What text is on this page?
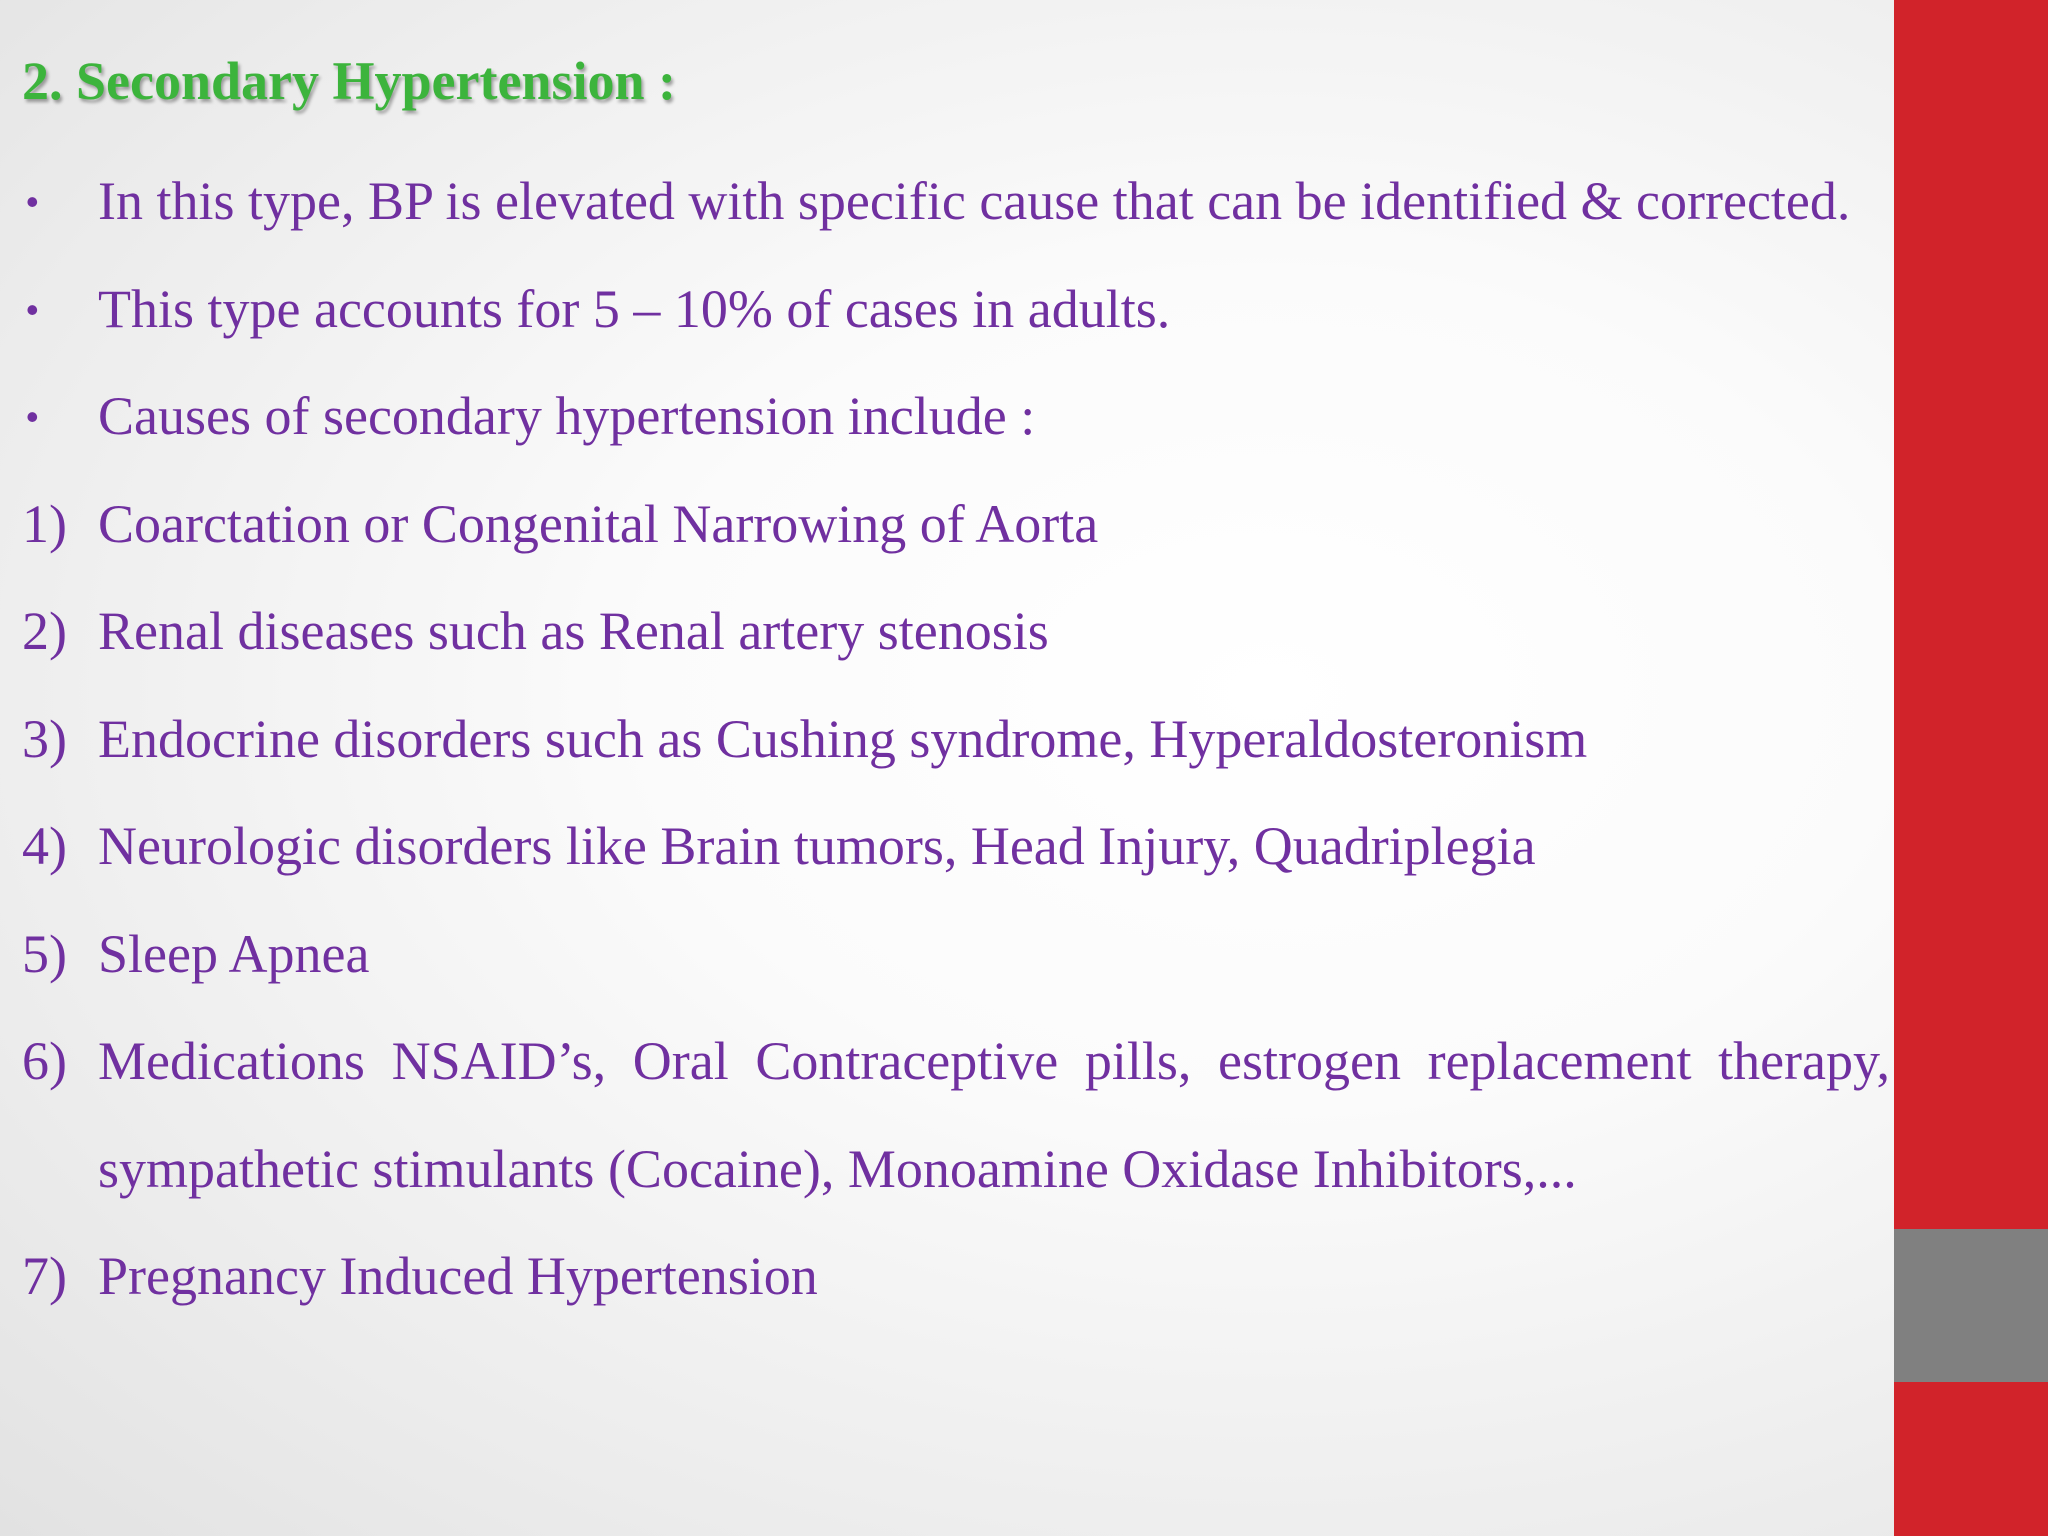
2. Secondary Hypertension :
• In this type, BP is elevated with specific cause that can be identified & corrected.
• This type accounts for 5 – 10% of cases in adults.
• Causes of secondary hypertension include :
1) Coarctation or Congenital Narrowing of Aorta
2) Renal diseases such as Renal artery stenosis
3) Endocrine disorders such as Cushing syndrome, Hyperaldosteronism
4) Neurologic disorders like Brain tumors, Head Injury, Quadriplegia
5) Sleep Apnea
6) Medications NSAID’s, Oral Contraceptive pills, estrogen replacement therapy, sympathetic stimulants (Cocaine), Monoamine Oxidase Inhibitors,...
7) Pregnancy Induced Hypertension
